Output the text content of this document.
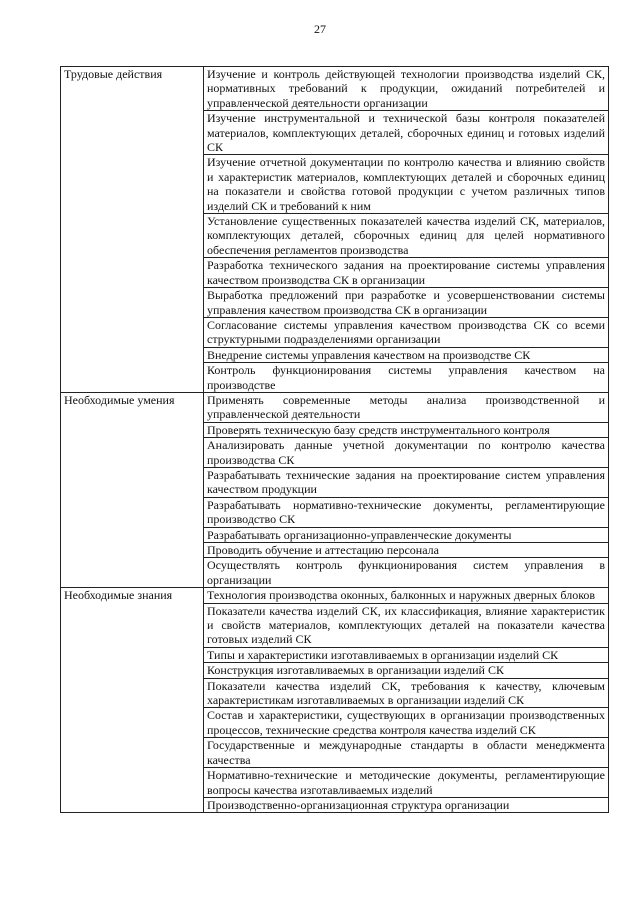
27
Трудовые действия	Изучение и контроль действующей технологии производства изделий СК, нормативных требований к продукции, ожиданий потребителей и управленческой деятельности организации
	Изучение инструментальной и технической базы контроля показателей материалов, комплектующих деталей, сборочных единиц и готовых изделий СК
	Изучение отчетной документации по контролю качества и влиянию свойств и характеристик материалов, комплектующих деталей и сборочных единиц на показатели и свойства готовой продукции с учетом различных типов изделий СК и требований к ним
	Установление существенных показателей качества изделий СК, материалов, комплектующих деталей, сборочных единиц для целей нормативного обеспечения регламентов производства
	Разработка технического задания на проектирование системы управления качеством производства СК в организации
	Выработка предложений при разработке и усовершенствовании системы управления качеством производства СК в организации
	Согласование системы управления качеством производства СК со всеми структурными подразделениями организации
	Внедрение системы управления качеством на производстве СК
	Контроль функционирования системы управления качеством на производстве
Необходимые умения	Применять современные методы анализа производственной и управленческой деятельности
	Проверять техническую базу средств инструментального контроля
	Анализировать данные учетной документации по контролю качества производства СК
	Разрабатывать технические задания на проектирование систем управления качеством продукции
	Разрабатывать нормативно-технические документы, регламентирующие производство СК
	Разрабатывать организационно-управленческие документы
	Проводить обучение и аттестацию персонала
	Осуществлять контроль функционирования систем управления в организации
Необходимые знания	Технология производства оконных, балконных и наружных дверных блоков
	Показатели качества изделий СК, их классификация, влияние характеристик и свойств материалов, комплектующих деталей на показатели качества готовых изделий СК
	Типы и характеристики изготавливаемых в организации изделий СК
	Конструкция изготавливаемых в организации изделий СК
	Показатели качества изделий СК, требования к качеству, ключевым характеристикам изготавливаемых в организации изделий СК
	Состав и характеристики, существующих в организации производственных процессов, технические средства контроля качества изделий СК
	Государственные и международные стандарты в области менеджмента качества
	Нормативно-технические и методические документы, регламентирующие вопросы качества изготавливаемых изделий
	Производственно-организационная структура организации
